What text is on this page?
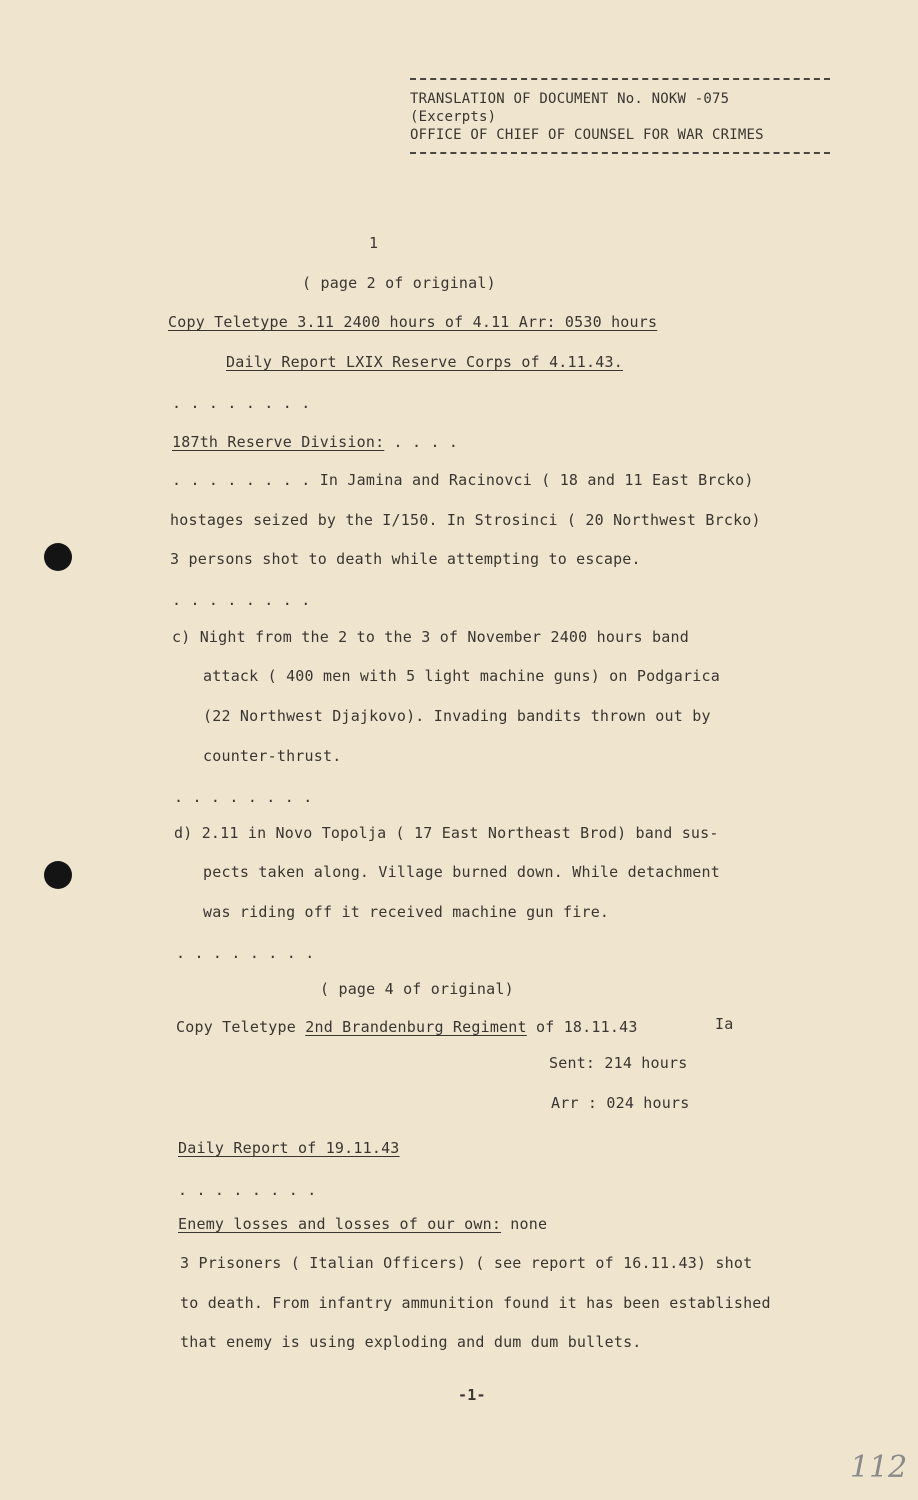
TRANSLATION OF DOCUMENT No. NOKW -075
(Excerpts)
OFFICE OF CHIEF OF COUNSEL FOR WAR CRIMES
1
( page 2 of original)
Copy Teletype 3.11 2400 hours of 4.11 Arr: 0530 hours
Daily Report LXIX Reserve Corps of 4.11.43.
. . . . . . . .
187th Reserve Division: . . . .
. . . . . . . . In Jamina and Racinovci ( 18 and 11 East Brcko)
hostages seized by the I/150. In Strosinci ( 20 Northwest Brcko)
3 persons shot to death while attempting to escape.
. . . . . . . .
c) Night from the 2 to the 3 of November 2400 hours band
attack ( 400 men with 5 light machine guns) on Podgarica
(22 Northwest Djajkovo). Invading bandits thrown out by
counter-thrust.
. . . . . . . .
d) 2.11 in Novo Topolja ( 17 East Northeast Brod) band sus-
pects taken along. Village burned down. While detachment
was riding off it received machine gun fire.
. . . . . . . .
( page 4 of original)
Copy Teletype 2nd Brandenburg Regiment of 18.11.43	Ia
Sent: 214 hours
Arr : 024 hours
Daily Report of 19.11.43
. . . . . . . .
Enemy losses and losses of our own: none
3 Prisoners ( Italian Officers) ( see report of 16.11.43) shot
to death. From infantry ammunition found it has been established
that enemy is using exploding and dum dum bullets.
-1-
112
